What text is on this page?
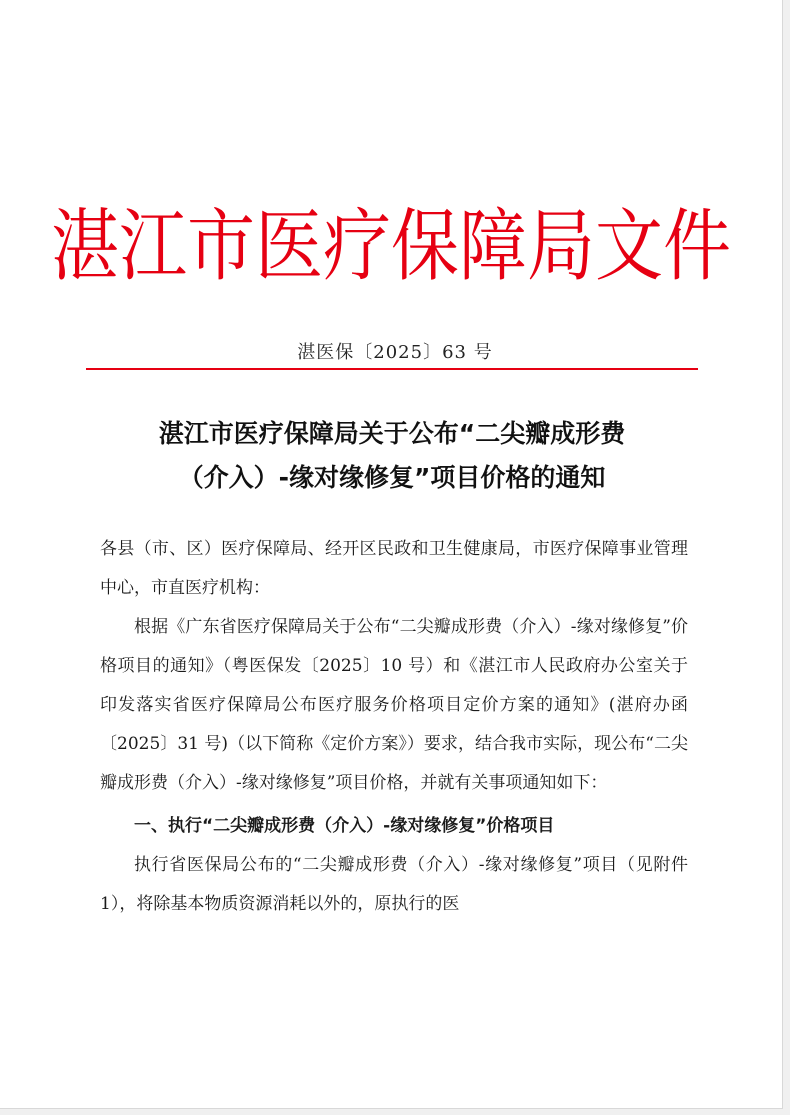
湛江市医疗保障局文件
湛医保〔2025〕63 号
湛江市医疗保障局关于公布“二尖瓣成形费
（介入）-缘对缘修复”项目价格的通知

各县（市、区）医疗保障局、经开区民政和卫生健康局，市医疗保障事业管理中心，市直医疗机构：

根据《广东省医疗保障局关于公布“二尖瓣成形费（介入）-缘对缘修复”价格项目的通知》（粤医保发〔2025〕10 号）和《湛江市人民政府办公室关于印发落实省医疗保障局公布医疗服务价格项目定价方案的通知》(湛府办函〔2025〕31 号)（以下简称《定价方案》）要求，结合我市实际，现公布“二尖瓣成形费（介入）-缘对缘修复”项目价格，并就有关事项通知如下：

一、执行“二尖瓣成形费（介入）-缘对缘修复”价格项目

执行省医保局公布的“二尖瓣成形费（介入）-缘对缘修复”项目（见附件1），将除基本物质资源消耗以外的，原执行的医
